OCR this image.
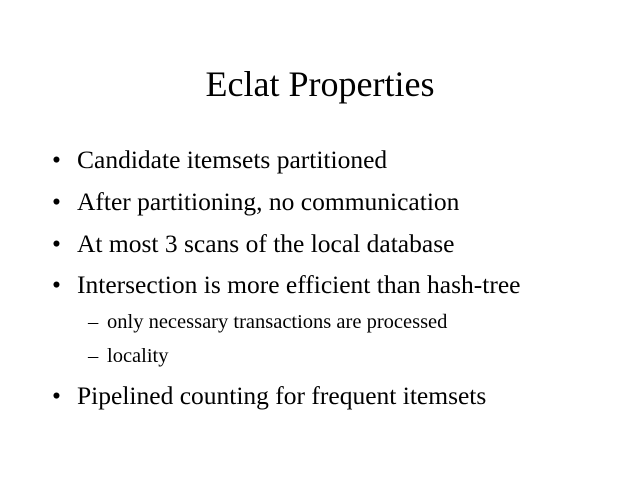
Eclat Properties
• Candidate itemsets partitioned
• After partitioning, no communication
• At most 3 scans of the local database
• Intersection is more efficient than hash-tree
– only necessary transactions are processed
– locality
• Pipelined counting for frequent itemsets
